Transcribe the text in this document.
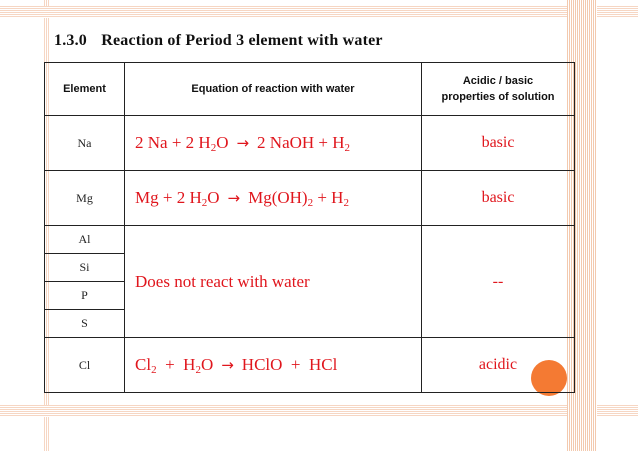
1.3.0 Reaction of Period 3 element with water
Element	Equation of reaction with water	Acidic / basic
properties of solution
Na	2 Na + 2 $H_2O \to 2$ NaOH + $H_2$	basic
Mg	Mg + 2 $H_2O \to Mg(OH)_2 + H_2$	basic
Al	Does not react with water	--
Si		
P		
S		
Cl	$Cl_2 + H_2O$ → HClO  +  HCl	acidic
